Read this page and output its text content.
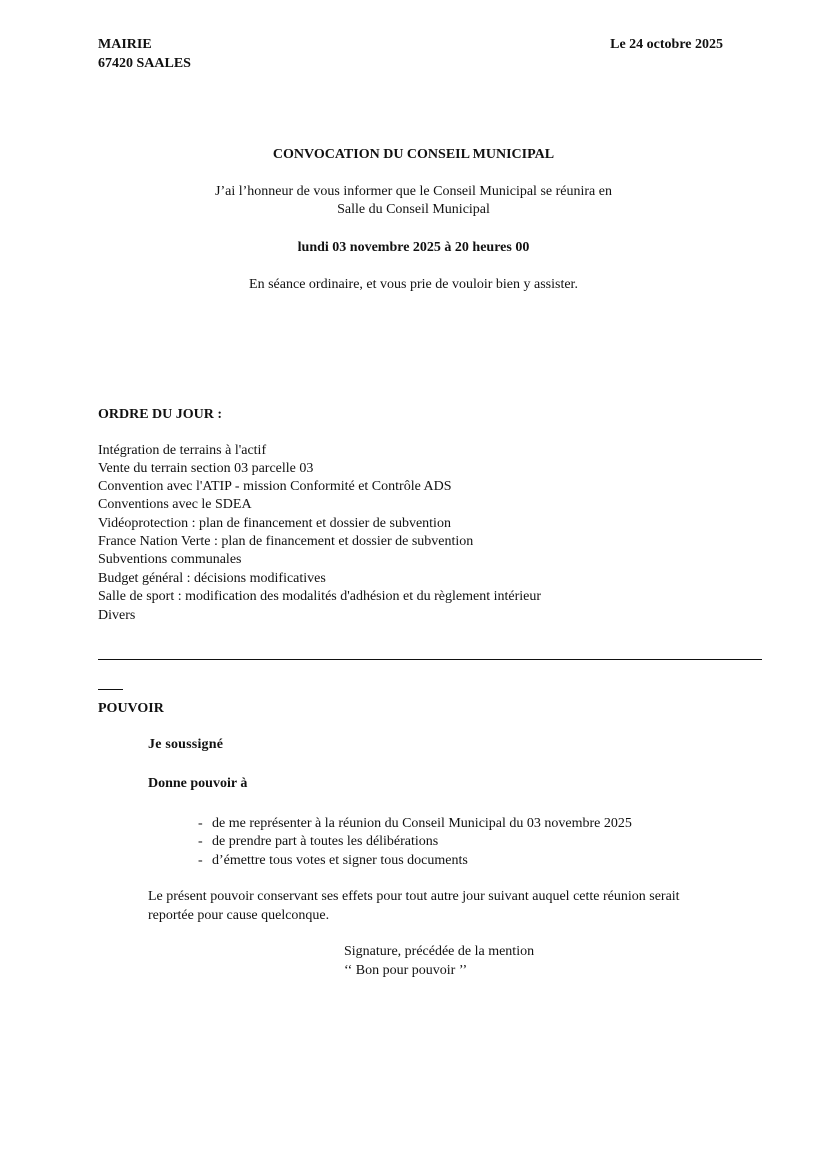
MAIRIE
67420 SAALES
Le 24 octobre 2025
CONVOCATION DU CONSEIL MUNICIPAL
J’ai l’honneur de vous informer que le Conseil Municipal se réunira en
Salle du Conseil Municipal
lundi 03 novembre 2025 à 20 heures 00
En séance ordinaire, et vous prie de vouloir bien y assister.
ORDRE DU JOUR :
Intégration de terrains à l'actif
Vente du terrain section 03 parcelle 03
Convention avec l'ATIP - mission Conformité et Contrôle ADS
Conventions avec le SDEA
Vidéoprotection : plan de financement et dossier de subvention
France Nation Verte : plan de financement et dossier de subvention
Subventions communales
Budget général : décisions modificatives
Salle de sport : modification des modalités d'adhésion et du règlement intérieur
Divers
POUVOIR
Je soussigné
Donne pouvoir à
- de me représenter à la réunion du Conseil Municipal du 03 novembre 2025
- de prendre part à toutes les délibérations
- d’émettre tous votes et signer tous documents
Le présent pouvoir conservant ses effets pour tout autre jour suivant auquel cette réunion serait
reportée pour cause quelconque.
Signature, précédée de la mention
‘‘ Bon pour pouvoir ’’
